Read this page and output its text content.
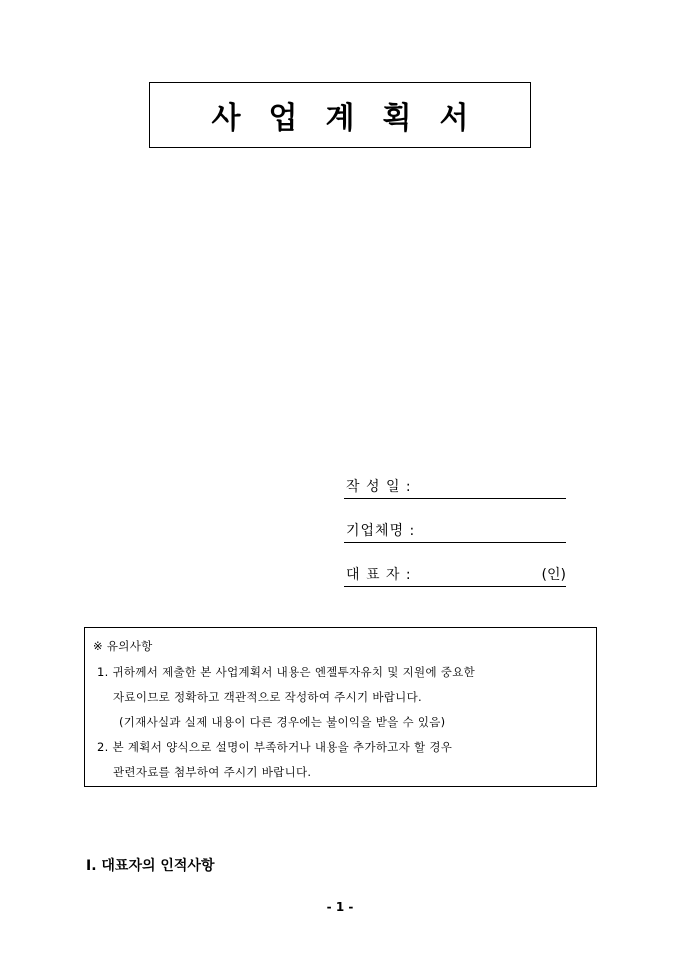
사업계획서
작 성 일 :
기업체명 :
대 표 자 :	(인)
※ 유의사항
1. 귀하께서 제출한 본 사업계획서 내용은 엔젤투자유치 및 지원에 중요한
자료이므로 정확하고 객관적으로 작성하여 주시기 바랍니다.
(기재사실과 실제 내용이 다른 경우에는 불이익을 받을 수 있음)
2. 본 계획서 양식으로 설명이 부족하거나 내용을 추가하고자 할 경우
관련자료를 첨부하여 주시기 바랍니다.
Ⅰ. 대표자의 인적사항
- 1 -
